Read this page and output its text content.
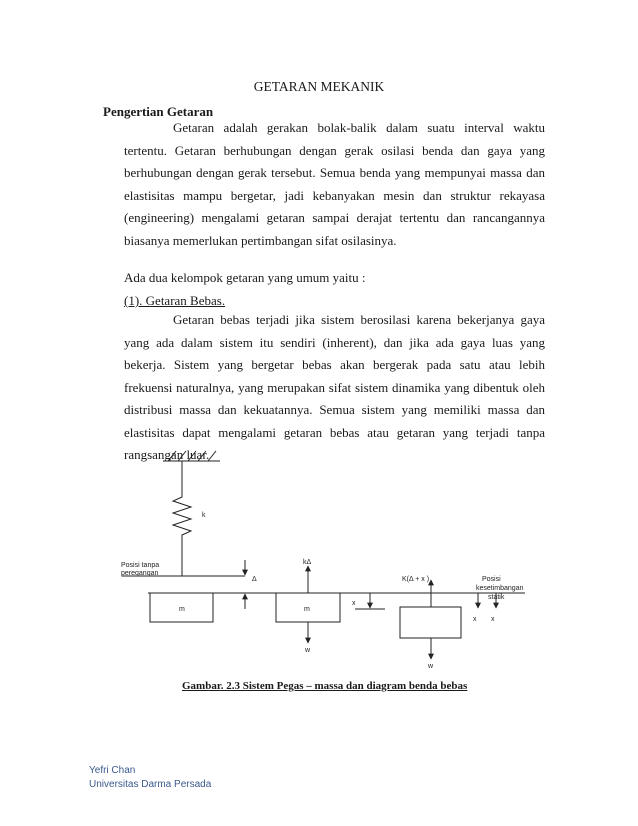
GETARAN MEKANIK
Pengertian Getaran
Getaran adalah gerakan bolak-balik dalam suatu interval waktu tertentu. Getaran berhubungan dengan gerak osilasi benda dan gaya yang berhubungan dengan gerak tersebut. Semua benda yang mempunyai massa dan elastisitas mampu bergetar, jadi kebanyakan mesin dan struktur rekayasa (engineering) mengalami getaran sampai derajat tertentu dan rancangannya biasanya memerlukan pertimbangan sifat osilasinya.
Ada dua kelompok getaran yang umum yaitu :
(1). Getaran Bebas.
Getaran bebas terjadi jika sistem berosilasi karena bekerjanya gaya yang ada dalam sistem itu sendiri (inherent), dan jika ada gaya luas yang bekerja. Sistem yang bergetar bebas akan bergerak pada satu atau lebih frekuensi naturalnya, yang merupakan sifat sistem dinamika yang dibentuk oleh distribusi massa dan kekuatannya. Semua sistem yang memiliki massa dan elastisitas dapat mengalami getaran bebas atau getaran yang terjadi tanpa rangsangan luar.
k
Posisi tanpa
peregangan
Δ
m	m
kΔ
w
x
K(Δ + x )	Posisi
kesetimbangan
statik
x x
w
Gambar. 2.3 Sistem Pegas – massa dan diagram benda bebas
Yefri Chan
Universitas Darma Persada
